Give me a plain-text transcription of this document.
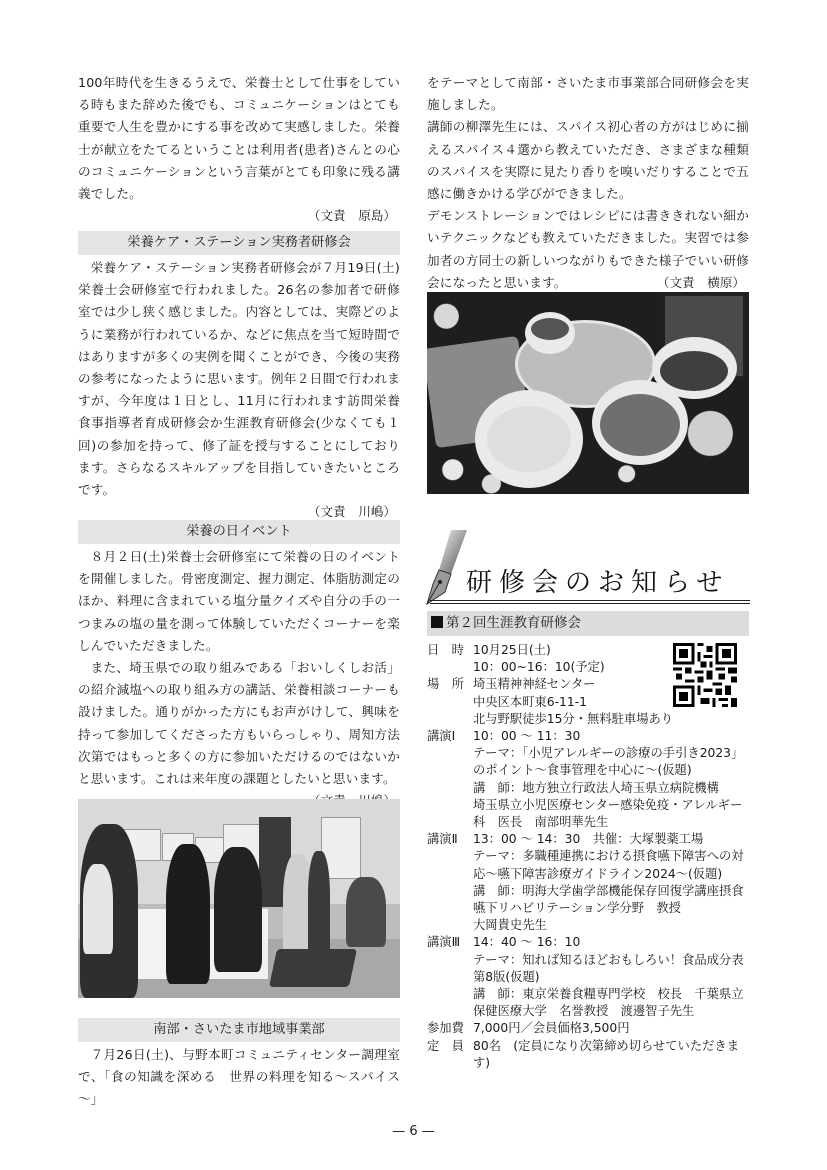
100年時代を生きるうえで、栄養士として仕事をしている時もまた辞めた後でも、コミュニケーションはとても重要で人生を豊かにする事を改めて実感しました。栄養士が献立をたてるということは利用者(患者)さんとの心のコミュニケーションという言葉がとても印象に残る講義でした。

（文責　原島）

栄養ケア・ステーション実務者研修会

栄養ケア・ステーション実務者研修会が７月19日(土)栄養士会研修室で行われました。26名の参加者で研修室では少し狭く感じました。内容としては、実際どのように業務が行われているか、などに焦点を当て短時間ではありますが多くの実例を聞くことができ、今後の実務の参考になったように思います。例年２日間で行われますが、今年度は１日とし、11月に行われます訪問栄養食事指導者育成研修会か生涯教育研修会(少なくても１回)の参加を持って、修了証を授与することにしております。さらなるスキルアップを目指していきたいところです。

（文責　川嶋）

栄養の日イベント

８月２日(土)栄養士会研修室にて栄養の日のイベントを開催しました。骨密度測定、握力測定、体脂肪測定のほか、料理に含まれている塩分量クイズや自分の手の一つまみの塩の量を測って体験していただくコーナーを楽しんでいただきました。

また、埼玉県での取り組みである「おいしくしお活」の紹介減塩への取り組み方の講話、栄養相談コーナーも設けました。通りがかった方にもお声がけして、興味を持って参加してくださった方もいらっしゃり、周知方法次第ではもっと多くの方に参加いただけるのではないかと思います。これは来年度の課題としたいと思います。

南部・さいたま市地域事業部

７月26日(土)、与野本町コミュニティセンター調理室で、「食の知識を深める　世界の料理を知る～スパイス～」

をテーマとして南部・さいたま市事業部合同研修会を実施しました。

講師の柳澤先生には、スパイス初心者の方がはじめに揃えるスパイス４選から教えていただき、さまざまな種類のスパイスを実際に見たり香りを嗅いだりすることで五感に働きかける学びができました。

デモンストレーションではレシピには書ききれない細かいテクニックなども教えていただきました。実習では参加者の方同士の新しいつながりもできた様子でいい研修会になったと思います。	（文責　横原）

研修会のお知らせ
第２回生涯教育研修会
日　時 10月25日(土)
10：00~16：10(予定)
場　所 埼玉精神神経センター
中央区本町東6-11-1
北与野駅徒歩15分・無料駐車場あり
講演Ⅰ	10：00 ～ 11：30
テーマ：「小児アレルギーの診療の手引き2023」のポイント～食事管理を中心に～(仮題)
講　師：地方独立行政法人埼玉県立病院機構
埼玉県立小児医療センター感染免疫・アレルギー科　医長　南部明華先生
講演Ⅱ	13：00 ～ 14：30　共催：大塚製薬工場
テーマ：多職種連携における摂食嚥下障害への対応～嚥下障害診療ガイドライン2024～(仮題)
講　師：明海大学歯学部機能保存回復学講座摂食嚥下リハビリテーション学分野　教授
大岡貴史先生
講演Ⅲ	14：40 ～ 16：10
テーマ：知れば知るほどおもしろい！食品成分表　第8版(仮題)
講　師：東京栄養食糧専門学校　校長　千葉県立保健医療大学　名誉教授　渡邊智子先生
参加費 7,000円／会員価格3,500円
定　員 80名　(定員になり次第締め切らせていただきます)
— 6 —
